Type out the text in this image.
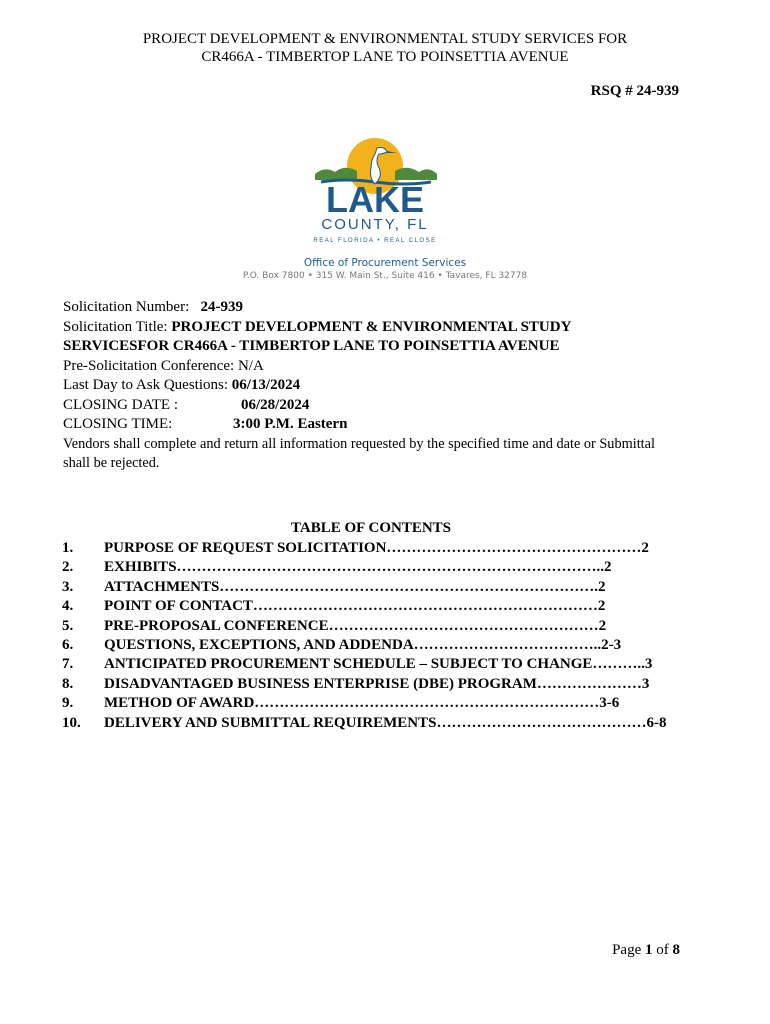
PROJECT DEVELOPMENT & ENVIRONMENTAL STUDY SERVICES FOR
CR466A - TIMBERTOP LANE TO POINSETTIA AVENUE
RSQ # 24-939
LAKE
COUNTY, FL
REAL FLORIDA • REAL CLOSE
Office of Procurement Services
P.O. Box 7800 • 315 W. Main St., Suite 416 • Tavares, FL 32778
Solicitation Number: 24-939
Solicitation Title: PROJECT DEVELOPMENT & ENVIRONMENTAL STUDY
SERVICESFOR CR466A - TIMBERTOP LANE TO POINSETTIA AVENUE
Pre-Solicitation Conference: N/A
Last Day to Ask Questions: 06/13/2024
CLOSING DATE :	06/28/2024
CLOSING TIME:	3:00 P.M. Eastern
Vendors shall complete and return all information requested by the specified time and date or Submittal
shall be rejected.
TABLE OF CONTENTS
1.	PURPOSE OF REQUEST SOLICITATION……………………………………………2
2.	EXHIBITS…………………………………………………………………………..2
3.	ATTACHMENTS………………………………………………………………….2
4.	POINT OF CONTACT……………………………………………………………2
5.	PRE-PROPOSAL CONFERENCE………………………………………………2
6.	QUESTIONS, EXCEPTIONS, AND ADDENDA………………………………..2-3
7.	ANTICIPATED PROCUREMENT SCHEDULE – SUBJECT TO CHANGE………..3
8.	DISADVANTAGED BUSINESS ENTERPRISE (DBE) PROGRAM…………………3
9.	METHOD OF AWARD……………………………………………………………3-6
10.	DELIVERY AND SUBMITTAL REQUIREMENTS……………………………………6-8
Page 1 of 8
